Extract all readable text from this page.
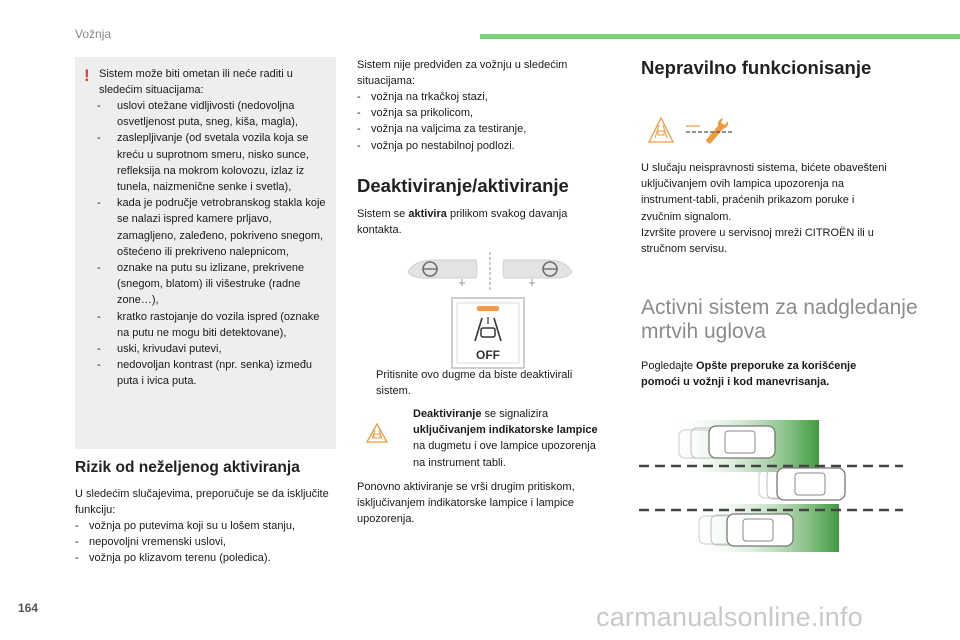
Vožnja
164	carmanualsonline.info
! Sistem može biti ometan ili neće raditi u sledećim situacijama:
- uslovi otežane vidljivosti (nedovoljna osvetljenost puta, sneg, kiša, magla),
- zaslepljivanje (od svetala vozila koja se kreću u suprotnom smeru, nisko sunce, refleksija na mokrom kolovozu, izlaz iz tunela, naizmenične senke i svetla),
- kada je područje vetrobranskog stakla koje se nalazi ispred kamere prljavo, zamagljeno, zaleđeno, pokriveno snegom, oštećeno ili prekriveno nalepnicom,
- oznake na putu su izlizane, prekrivene (snegom, blatom) ili višestruke (radne zone…),
- kratko rastojanje do vozila ispred (oznake na putu ne mogu biti detektovane),
- uski, krivudavi putevi,
- nedovoljan kontrast (npr. senka) između puta i ivica puta.
Rizik od neželjenog aktiviranja
U sledećim slučajevima, preporučuje se da isključite funkciju:
- vožnja po putevima koji su u lošem stanju,
- nepovoljni vremenski uslovi,
- vožnja po klizavom terenu (poledica).
Sistem nije predviđen za vožnju u sledećim situacijama:
- vožnja na trkačkoj stazi,
- vožnja sa prikolicom,
- vožnja na valjcima za testiranje,
- vožnja po nestabilnoj podlozi.
Deaktiviranje/aktiviranje
Sistem se aktivira prilikom svakog davanja kontakta.
OFF
Pritisnite ovo dugme da biste deaktivirali sistem.
Deaktiviranje se signalizira uključivanjem indikatorske lampice na dugmetu i ove lampice upozorenja na instrument tabli.
Ponovno aktiviranje se vrši drugim pritiskom, isključivanjem indikatorske lampice i lampice upozorenja.
Nepravilno funkcionisanje
U slučaju neispravnosti sistema, bićete obavešteni uključivanjem ovih lampica upozorenja na instrument-tabli, praćenih prikazom poruke i zvučnim signalom.
Izvršite provere u servisnoj mreži CITROËN ili u stručnom servisu.
Activni sistem za nadgledanje mrtvih uglova
Pogledajte Opšte preporuke za korišćenje pomoći u vožnji i kod manevrisanja.
